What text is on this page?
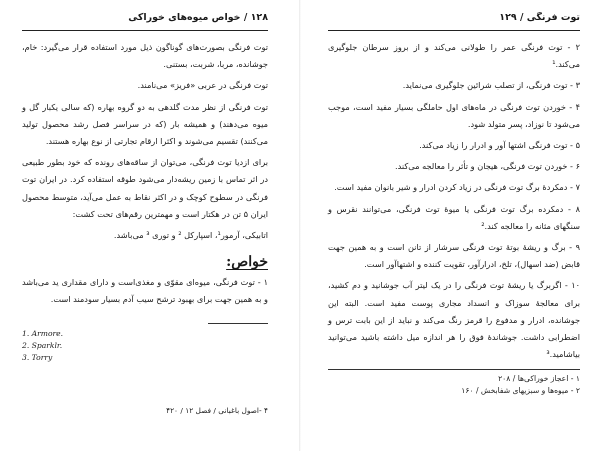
۱۲۸ / خواص میوه‌های خوراکی

توت فرنگی بصورت‌های گوناگون ذیل مورد استفاده قرار می‌گیرد: خام، جوشانده، مربا، شربت، بستنی.

توت فرنگی در عربی «فریز» می‌نامند.

توت فرنگی از نظر مدت گلدهی به دو گروه بهاره (که سالی یکبار گل و میوه می‌دهند) و همیشه بار (که در سراسر فصل رشد محصول تولید می‌کنند) تقسیم می‌شوند و اکثرا ارقام تجارتی از نوع بهاره هستند.

برای ازدیا توت فرنگی، می‌توان از ساقه‌های رونده که خود بطور طبیعی در اثر تماس با زمین ریشه‌دار می‌شود طوقه استفاده کرد. در ایران توت فرنگی در سطوح کوچک و در اکثر نقاط به عمل می‌آید، متوسط محصول ایران ۵ تن در هکتار است و مهمترین رقم‌های تحت کشت:

اتابیکی، آرمور¹، اسپارکل ² و توری ³ می‌باشد.

خواص:

۱ - توت فرنگی، میوه‌ای مقوّی و مغذی‌است و دارای مقداری ید می‌باشد و به همین جهت برای بهبود ترشح سیب آدم بسیار سودمند است.

1. Armore.
2. Sparklr.
3. Torry
۴ -اصول باغبانی / فصل ۱۲ / ۴۲۰
توت فرنگی / ۱۲۹

۲ - توت فرنگی عمر را طولانی می‌کند و از بروز سرطان جلوگیری می‌کند.¹

۳ - توت فرنگی، از تصلب شرائین جلوگیری می‌نماید.

۴ - خوردن توت فرنگی در ماه‌های اول حاملگی بسیار مفید است، موجب می‌شود تا نوزاد، پسر متولد شود.

۵ - توت فرنگی اشتها آور و ادرار را زیاد می‌کند.

۶ - خوردن توت فرنگی، هیجان و تأثر را معالجه می‌کند.

۷ - دمکردهٔ برگ توت فرنگی در زیاد کردن ادرار و شیر بانوان مفید است.

۸ - دمکرده برگ توت فرنگی یا میوهٔ توت فرنگی، می‌توانند نقرس و سنگهای مثانه را معالجه کند.²

۹ - برگ و ریشهٔ بوتهٔ توت فرنگی سرشار از تانن است و به همین جهت قابض (ضد اسهال)، تلخ، ادرارآور، تقویت کننده و اشتهاآور است.

۱۰ - اگربرگ یا ریشهٔ توت فرنگی را در یک لیتر آب جوشانید و دم کشید، برای معالجهٔ سوزاک و انسداد مجاری پوست مفید است. البته این جوشانده، ادرار و مدفوع را قرمز رنگ می‌کند و نباید از این بابت ترس و اضطرابی داشت. جوشاندهٔ فوق را هر اندازه میل داشته باشید می‌توانید بیاشامید.³

۱ - اعجاز خوراکی‌ها / ۲۰۸
۲ - میوه‌ها و سبزیهای شفابخش / ۱۶۰
